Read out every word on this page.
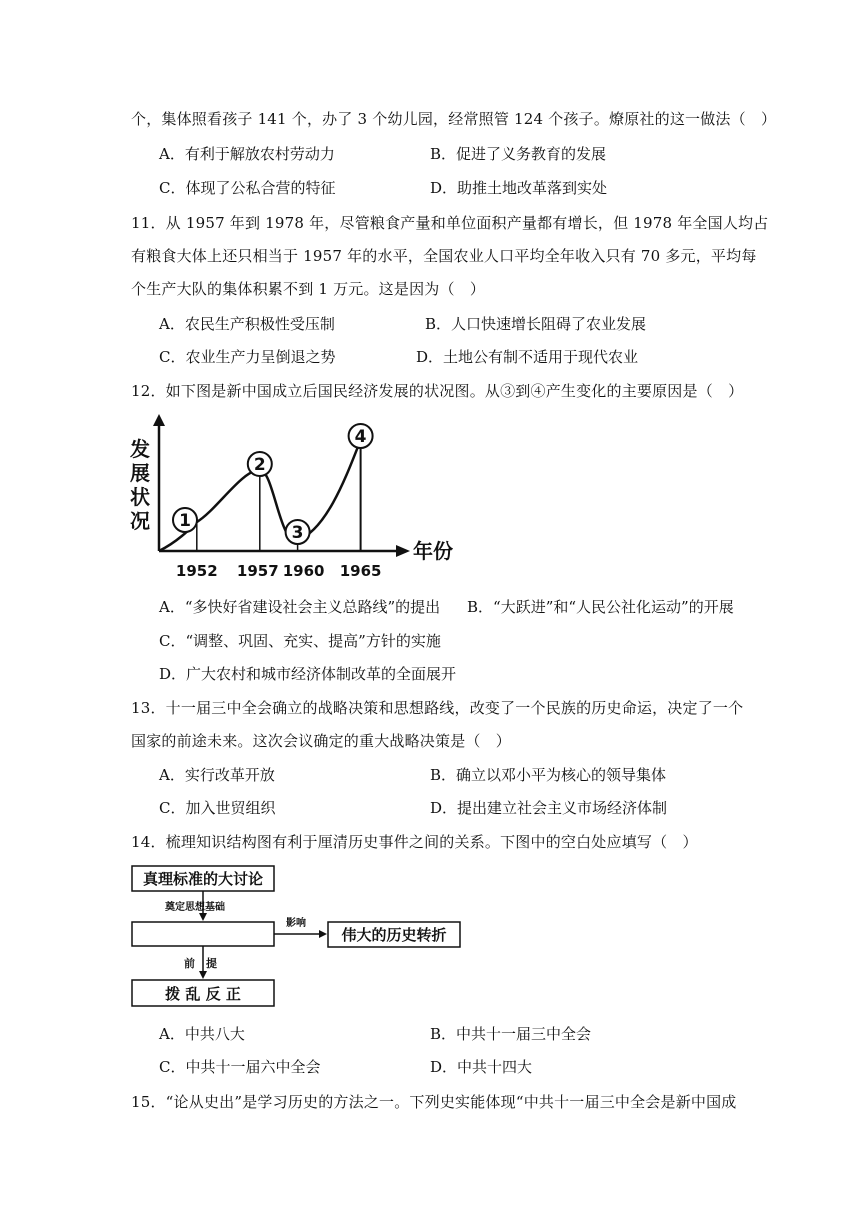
个，集体照看孩子 141 个，办了 3 个幼儿园，经常照管 124 个孩子。燎原社的这一做法（　）
A．有利于解放农村劳动力	B．促进了义务教育的发展
C．体现了公私合营的特征	D．助推土地改革落到实处
11．从 1957 年到 1978 年，尽管粮食产量和单位面积产量都有增长，但 1978 年全国人均占
有粮食大体上还只相当于 1957 年的水平，全国农业人口平均全年收入只有 70 多元，平均每
个生产大队的集体积累不到 1 万元。这是因为（　）
A．农民生产积极性受压制	B．人口快速增长阻碍了农业发展
C．农业生产力呈倒退之势	D．土地公有制不适用于现代农业
12．如下图是新中国成立后国民经济发展的状况图。从③到④产生变化的主要原因是（　）
发
展
状
况
年份
1
2
3
4
1952 1957 1960 1965
A．“多快好省建设社会主义总路线”的提出 B．“大跃进”和“人民公社化运动”的开展
C．“调整、巩固、充实、提高”方针的实施
D．广大农村和城市经济体制改革的全面展开
13．十一届三中全会确立的战略决策和思想路线，改变了一个民族的历史命运，决定了一个
国家的前途未来。这次会议确定的重大战略决策是（　）
A．实行改革开放	B．确立以邓小平为核心的领导集体
C．加入世贸组织	D．提出建立社会主义市场经济体制
14．梳理知识结构图有利于厘清历史事件之间的关系。下图中的空白处应填写（　）
真理标准的大讨论
奠定思想基础
影响
伟大的历史转折
前　提
拨 乱 反 正
A．中共八大	B．中共十一届三中全会
C．中共十一届六中全会	D．中共十四大
15．“论从史出”是学习历史的方法之一。下列史实能体现“中共十一届三中全会是新中国成
